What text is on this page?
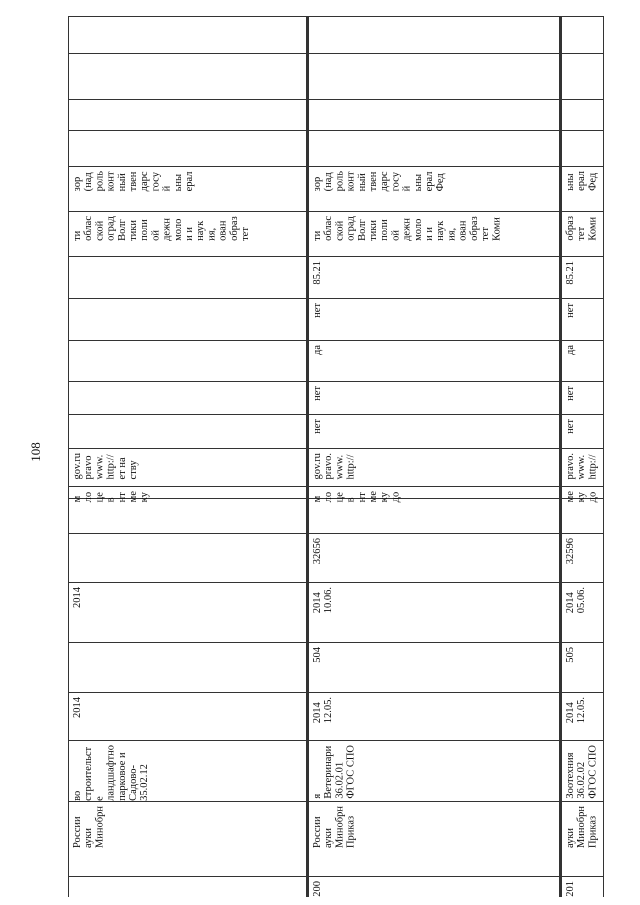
108
ерал
ьны
й
госу
дарс
твен
ный
конт
роль
(над
зор
тет
образ
ован
ия,
наук
и и
моло
дежн
ой
поли
тики
Волг
оград
ской
облас
ти
ству
ет на
http://
www.
pravo
gov.ru
ку
ме
нт
в
це
ло
м
2014
2014
35.02.12
Садово-
парковое и
ландшафтно
е
строительст
во
Минобрн
ауки
России
Фед
ерал
ьны
й
госу
дарс
твен
ный
конт
роль
(над
зор
Коми
тет
образ
ован
ия,
наук
и и
моло
дежн
ой
поли
тики
Волг
оград
ской
облас
ти
85.21
нет
да
нет
нет
http://
www.
pravo.
gov.ru
до
ку
ме
нт
в
це
ло
м
32656
10.06.
2014
504
12.05.
2014
ФГОС СПО
36.02.01
Ветеринари
я
Приказ
Минобрн
ауки
России
200
Фед
ерал
ьны
Коми
тет
образ
85.21
нет
да
нет
нет
http://
www.
pravo.
до
ку
ме
32596
05.06.
2014
505
12.05.
2014
ФГОС СПО
36.02.02
Зоотехния
Приказ
Минобрн
ауки
201
